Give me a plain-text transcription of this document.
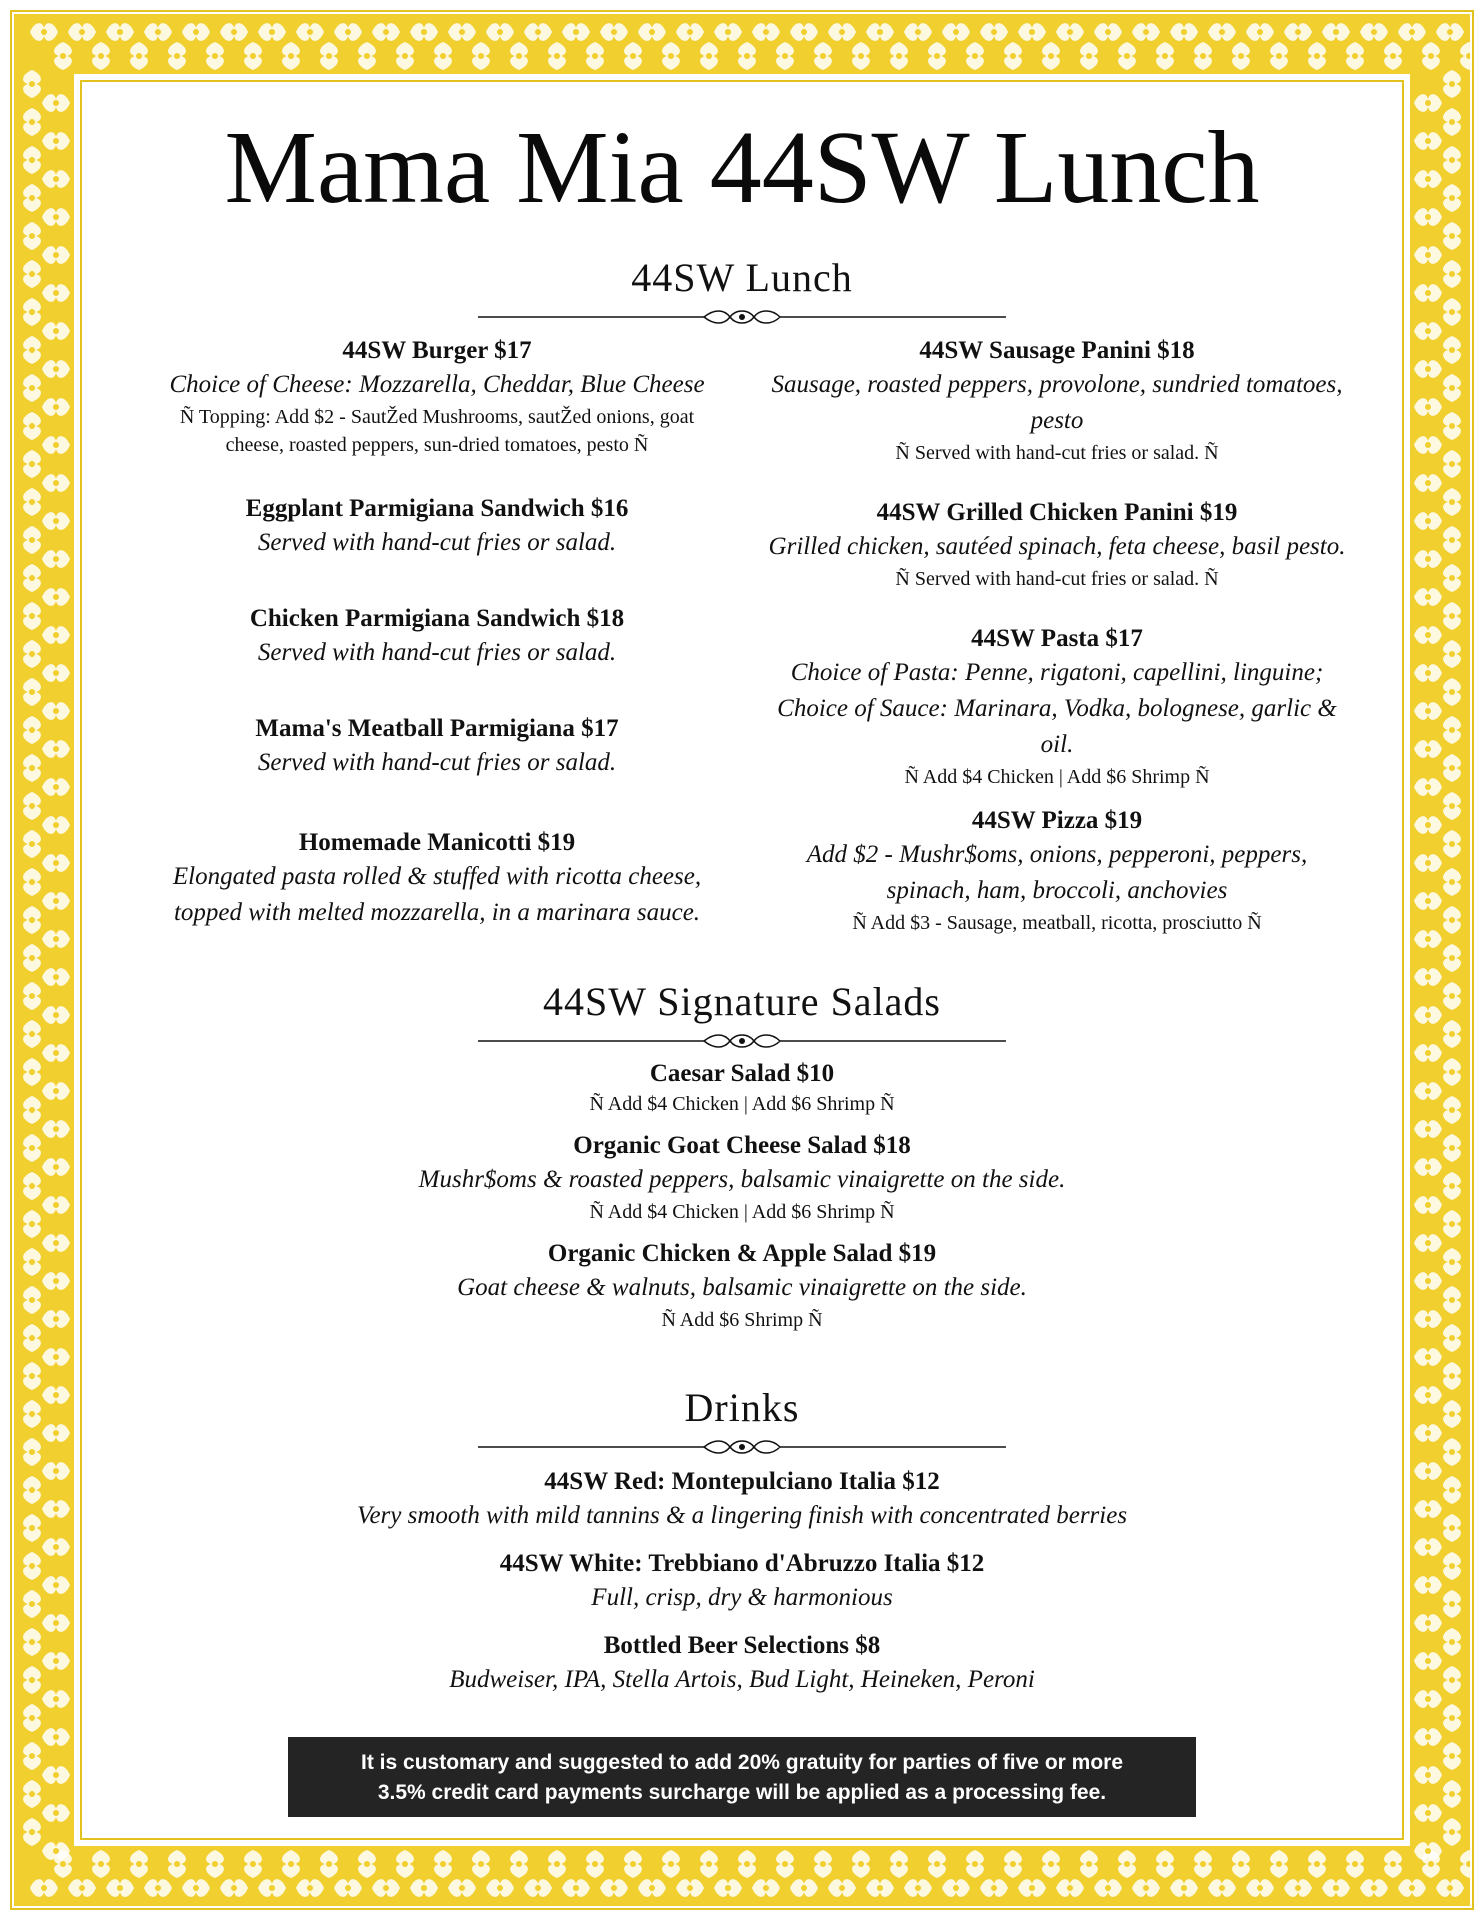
Mama Mia 44SW Lunch
44SW Lunch
44SW Burger $17
Choice of Cheese: Mozzarella, Cheddar, Blue Cheese
Ñ Topping: Add $2 - SautŽed Mushrooms, sautŽed onions, goat
cheese, roasted peppers, sun-dried tomatoes, pesto Ñ
Eggplant Parmigiana Sandwich $16
Served with hand-cut fries or salad.
Chicken Parmigiana Sandwich $18
Served with hand-cut fries or salad.
Mama's Meatball Parmigiana $17
Served with hand-cut fries or salad.
Homemade Manicotti $19
Elongated pasta rolled & stuffed with ricotta cheese,
topped with melted mozzarella, in a marinara sauce.
44SW Sausage Panini $18
Sausage, roasted peppers, provolone, sundried tomatoes,
pesto
Ñ Served with hand-cut fries or salad. Ñ
44SW Grilled Chicken Panini $19
Grilled chicken, sautéed spinach, feta cheese, basil pesto.
Ñ Served with hand-cut fries or salad. Ñ
44SW Pasta $17
Choice of Pasta: Penne, rigatoni, capellini, linguine;
Choice of Sauce: Marinara, Vodka, bolognese, garlic &
oil.
Ñ Add $4 Chicken | Add $6 Shrimp Ñ
44SW Pizza $19
Add $2 - Mushr$oms, onions, pepperoni, peppers,
spinach, ham, broccoli, anchovies
Ñ Add $3 - Sausage, meatball, ricotta, prosciutto Ñ
44SW Signature Salads
Caesar Salad $10
Ñ Add $4 Chicken | Add $6 Shrimp Ñ
Organic Goat Cheese Salad $18
Mushr$oms & roasted peppers, balsamic vinaigrette on the side.
Ñ Add $4 Chicken | Add $6 Shrimp Ñ
Organic Chicken & Apple Salad $19
Goat cheese & walnuts, balsamic vinaigrette on the side.
Ñ Add $6 Shrimp Ñ
Drinks
44SW Red: Montepulciano Italia $12
Very smooth with mild tannins & a lingering finish with concentrated berries
44SW White: Trebbiano d'Abruzzo Italia $12
Full, crisp, dry & harmonious
Bottled Beer Selections $8
Budweiser, IPA, Stella Artois, Bud Light, Heineken, Peroni
It is customary and suggested to add 20% gratuity for parties of five or more
3.5% credit card payments surcharge will be applied as a processing fee.
